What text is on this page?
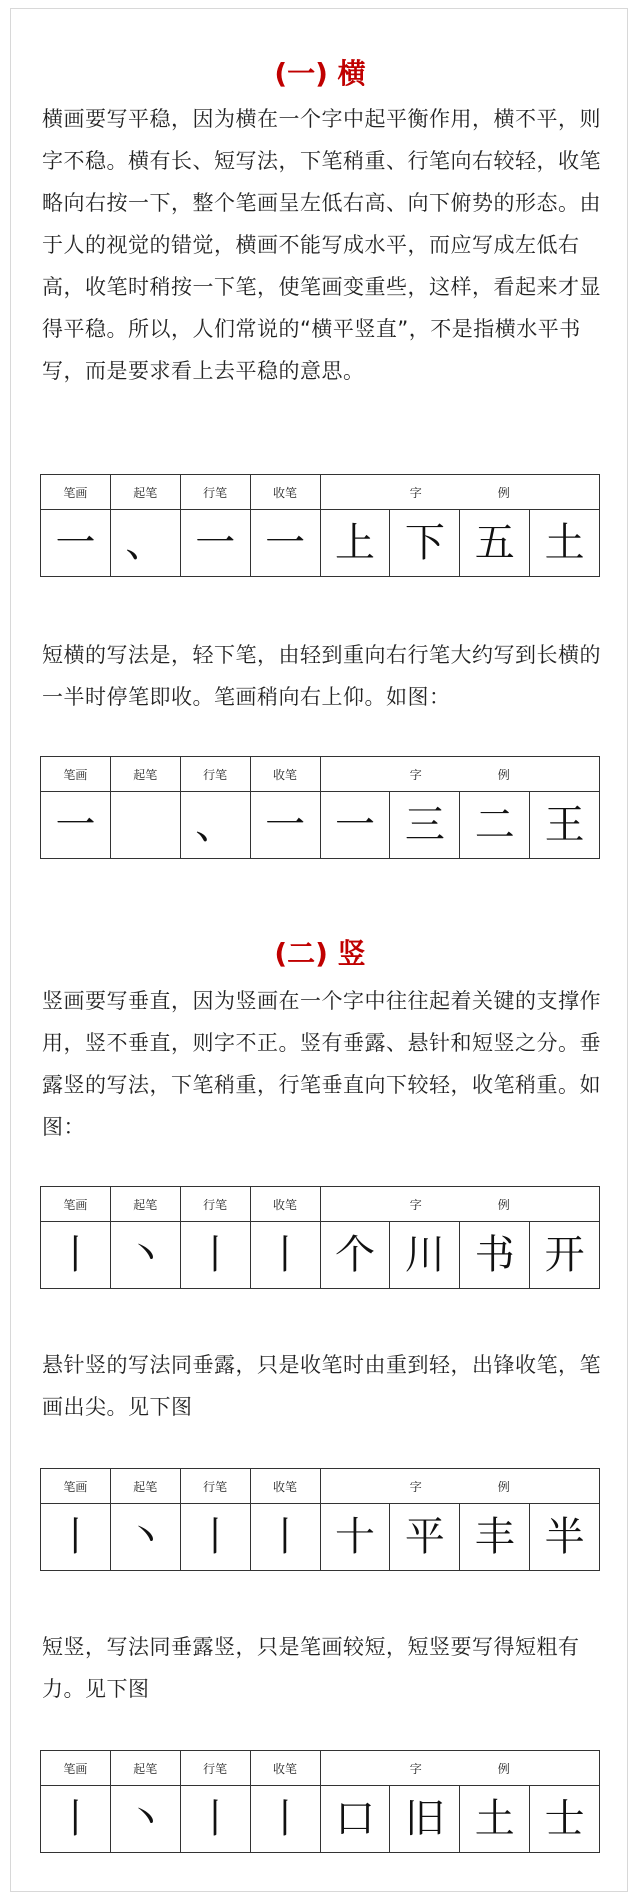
(一) 横
横画要写平稳，因为横在一个字中起平衡作用，横不平，则字不稳。横有长、短写法，下笔稍重、行笔向右较轻，收笔略向右按一下，整个笔画呈左低右高、向下俯势的形态。由于人的视觉的错觉，横画不能写成水平，而应写成左低右高，收笔时稍按一下笔，使笔画变重些，这样，看起来才显得平稳。所以，人们常说的“横平竖直”，不是指横水平书写，而是要求看上去平稳的意思。
笔画	起笔	行笔	收笔	字 例			
一	、	一	一	上	下	五	土
短横的写法是，轻下笔，由轻到重向右行笔大约写到长横的一半时停笔即收。笔画稍向右上仰。如图：
笔画	起笔	行笔	收笔	字 例			
一		、	一	一	三	二	王
(二) 竖
竖画要写垂直，因为竖画在一个字中往往起着关键的支撑作用，竖不垂直，则字不正。竖有垂露、悬针和短竖之分。垂露竖的写法，下笔稍重，行笔垂直向下较轻，收笔稍重。如图：
笔画	起笔	行笔	收笔	字 例			
丨	丶	丨	丨	个	川	书	开
悬针竖的写法同垂露，只是收笔时由重到轻，出锋收笔，笔画出尖。见下图
笔画	起笔	行笔	收笔	字 例			
丨	丶	丨	丨	十	平	丰	半
短竖，写法同垂露竖，只是笔画较短，短竖要写得短粗有力。见下图
笔画	起笔	行笔	收笔	字 例			
丨	丶	丨	丨	口	旧	土	士
